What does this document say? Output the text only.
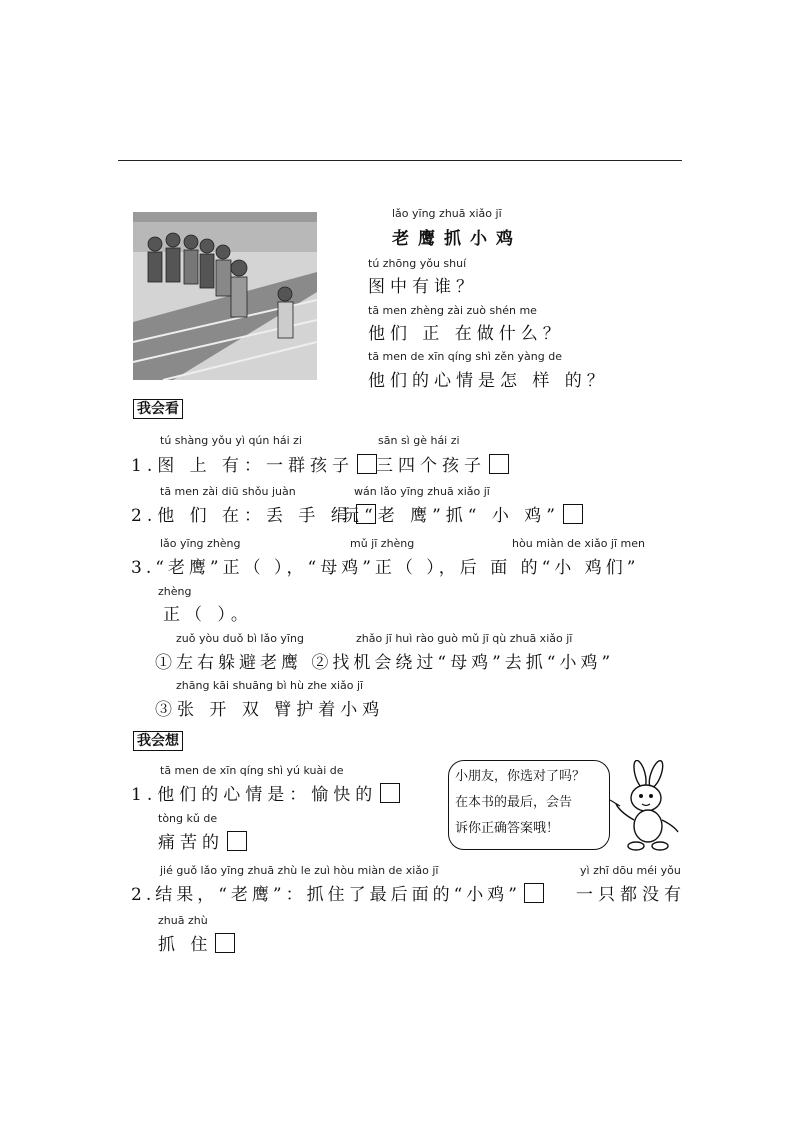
lǎo yīng zhuā xiǎo jī
老鹰抓小鸡
tú zhōng yǒu shuí
图中有谁？
tā men zhèng zài zuò shén me
他们 正 在做什么？
tā men de xīn qíng shì zěn yàng de
他们的心情是怎 样 的？
我会看
tú shàng yǒu yì qún hái zi	sān sì gè hái zi
1.图 上 有：一群孩子	三四个孩子
tā men zài diū shǒu juàn	wán lǎo yīng zhuā xiǎo jī
2.他 们 在：丢 手 绢
玩“老 鹰”抓“ 小 鸡”
lǎo yīng zhèng	mǔ jī zhèng	hòu miàn de xiǎo jī men
3.“老鹰”正（ ），“母鸡”正（ ），后 面 的“小 鸡们”
zhèng
正（ ）。
zuǒ yòu duǒ bì lǎo yīng	zhǎo jī huì rào guò mǔ jī qù zhuā xiǎo jī
①左右躲避老鹰 ②找机会绕过“母鸡”去抓“小鸡”
zhāng kāi shuāng bì hù zhe xiǎo jī
③张 开 双 臂护着小鸡
我会想
tā men de xīn qíng shì yú kuài de
1.他们的心情是：愉快的
tòng kǔ de
痛苦的
jié guǒ lǎo yīng zhuā zhù le zuì hòu miàn de xiǎo jī	yì zhī dōu méi yǒu
2.结果，“老鹰”：抓住了最后面的“小鸡”	一只都没有
zhuā zhù
抓 住
小朋友，你选对了吗？
在本书的最后，会告
诉你正确答案哦！
